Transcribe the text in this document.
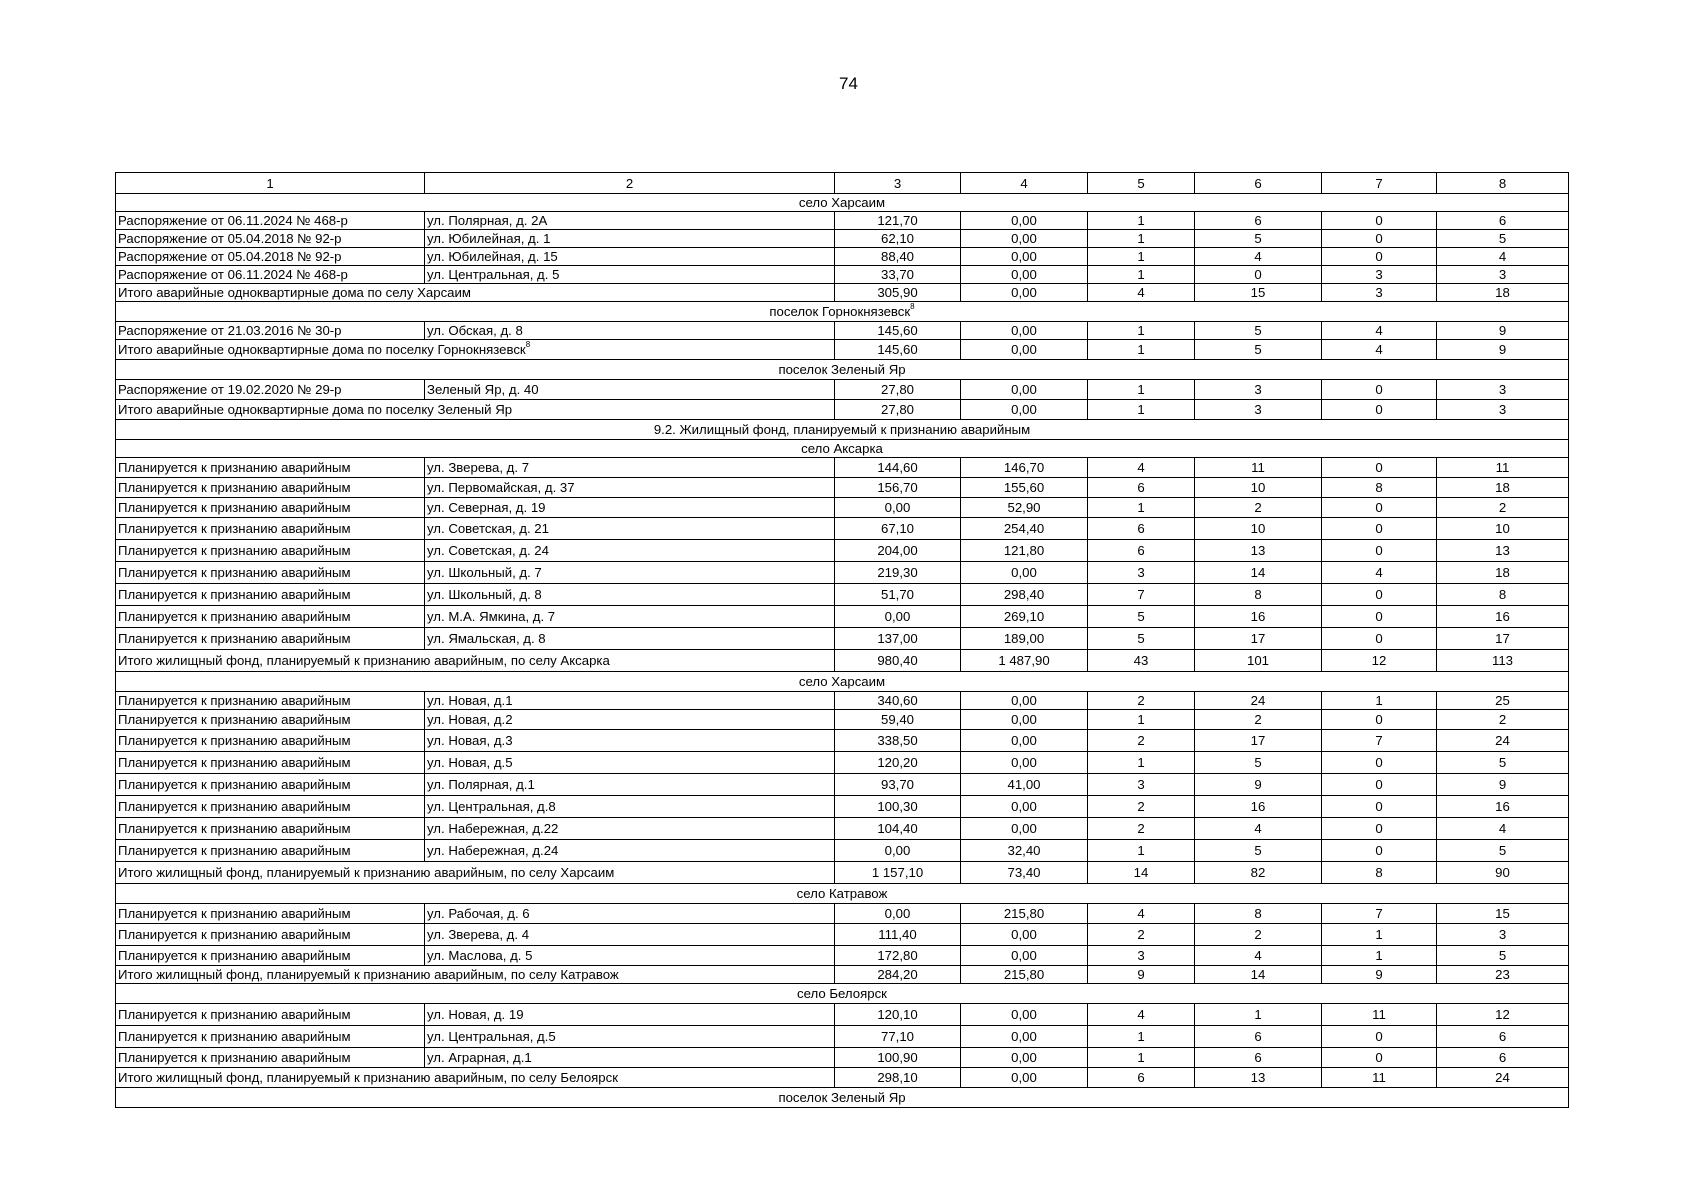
74
1	2	3	4	5	6	7	8
село Харсаим							
Распоряжение от 06.11.2024 № 468-р	ул. Полярная, д. 2А	121,70	0,00	1	6	0	6
Распоряжение от 05.04.2018 № 92-р	ул. Юбилейная, д. 1	62,10	0,00	1	5	0	5
Распоряжение от 05.04.2018 № 92-р	ул. Юбилейная, д. 15	88,40	0,00	1	4	0	4
Распоряжение от 06.11.2024 № 468-р	ул. Центральная, д. 5	33,70	0,00	1	0	3	3
Итого аварийные одноквартирные дома по селу Харсаим		305,90	0,00	4	15	3	18
поселок Горнокнязевск$^8$
Распоряжение от 21.03.2016 № 30-р	ул. Обская, д. 8	145,60	0,00	1	5	4	9
Итого аварийные одноквартирные дома по поселку Горнокнязевск$^8$		145,60	0,00	1	5	4	9
поселок Зеленый Яр							
Распоряжение от 19.02.2020 № 29-р	Зеленый Яр, д. 40	27,80	0,00	1	3	0	3
Итого аварийные одноквартирные дома по поселку Зеленый Яр		27,80	0,00	1	3	0	3
9.2. Жилищный фонд, планируемый к признанию аварийным							
село Аксарка							
Планируется к признанию аварийным	ул. Зверева, д. 7	144,60	146,70	4	11	0	11
Планируется к признанию аварийным	ул. Первомайская, д. 37	156,70	155,60	6	10	8	18
Планируется к признанию аварийным	ул. Северная, д. 19	0,00	52,90	1	2	0	2
Планируется к признанию аварийным	ул. Советская, д. 21	67,10	254,40	6	10	0	10
Планируется к признанию аварийным	ул. Советская, д. 24	204,00	121,80	6	13	0	13
Планируется к признанию аварийным	ул. Школьный, д. 7	219,30	0,00	3	14	4	18
Планируется к признанию аварийным	ул. Школьный, д. 8	51,70	298,40	7	8	0	8
Планируется к признанию аварийным	ул. М.А. Ямкина, д. 7	0,00	269,10	5	16	0	16
Планируется к признанию аварийным	ул. Ямальская, д. 8	137,00	189,00	5	17	0	17
Итого жилищный фонд, планируемый к признанию аварийным, по селу Аксарка		980,40	1 487,90	43	101	12	113
село Харсаим							
Планируется к признанию аварийным	ул. Новая, д.1	340,60	0,00	2	24	1	25
Планируется к признанию аварийным	ул. Новая, д.2	59,40	0,00	1	2	0	2
Планируется к признанию аварийным	ул. Новая, д.3	338,50	0,00	2	17	7	24
Планируется к признанию аварийным	ул. Новая, д.5	120,20	0,00	1	5	0	5
Планируется к признанию аварийным	ул. Полярная, д.1	93,70	41,00	3	9	0	9
Планируется к признанию аварийным	ул. Центральная, д.8	100,30	0,00	2	16	0	16
Планируется к признанию аварийным	ул. Набережная, д.22	104,40	0,00	2	4	0	4
Планируется к признанию аварийным	ул. Набережная, д.24	0,00	32,40	1	5	0	5
Итого жилищный фонд, планируемый к признанию аварийным, по селу Харсаим		1 157,10	73,40	14	82	8	90
село Катравож							
Планируется к признанию аварийным	ул. Рабочая, д. 6	0,00	215,80	4	8	7	15
Планируется к признанию аварийным	ул. Зверева, д. 4	111,40	0,00	2	2	1	3
Планируется к признанию аварийным	ул. Маслова, д. 5	172,80	0,00	3	4	1	5
Итого жилищный фонд, планируемый к признанию аварийным, по селу Катравож		284,20	215,80	9	14	9	23
село Белоярск							
Планируется к признанию аварийным	ул. Новая, д. 19	120,10	0,00	4	1	11	12
Планируется к признанию аварийным	ул. Центральная, д.5	77,10	0,00	1	6	0	6
Планируется к признанию аварийным	ул. Аграрная, д.1	100,90	0,00	1	6	0	6
Итого жилищный фонд, планируемый к признанию аварийным, по селу Белоярск		298,10	0,00	6	13	11	24
поселок Зеленый Яр							
